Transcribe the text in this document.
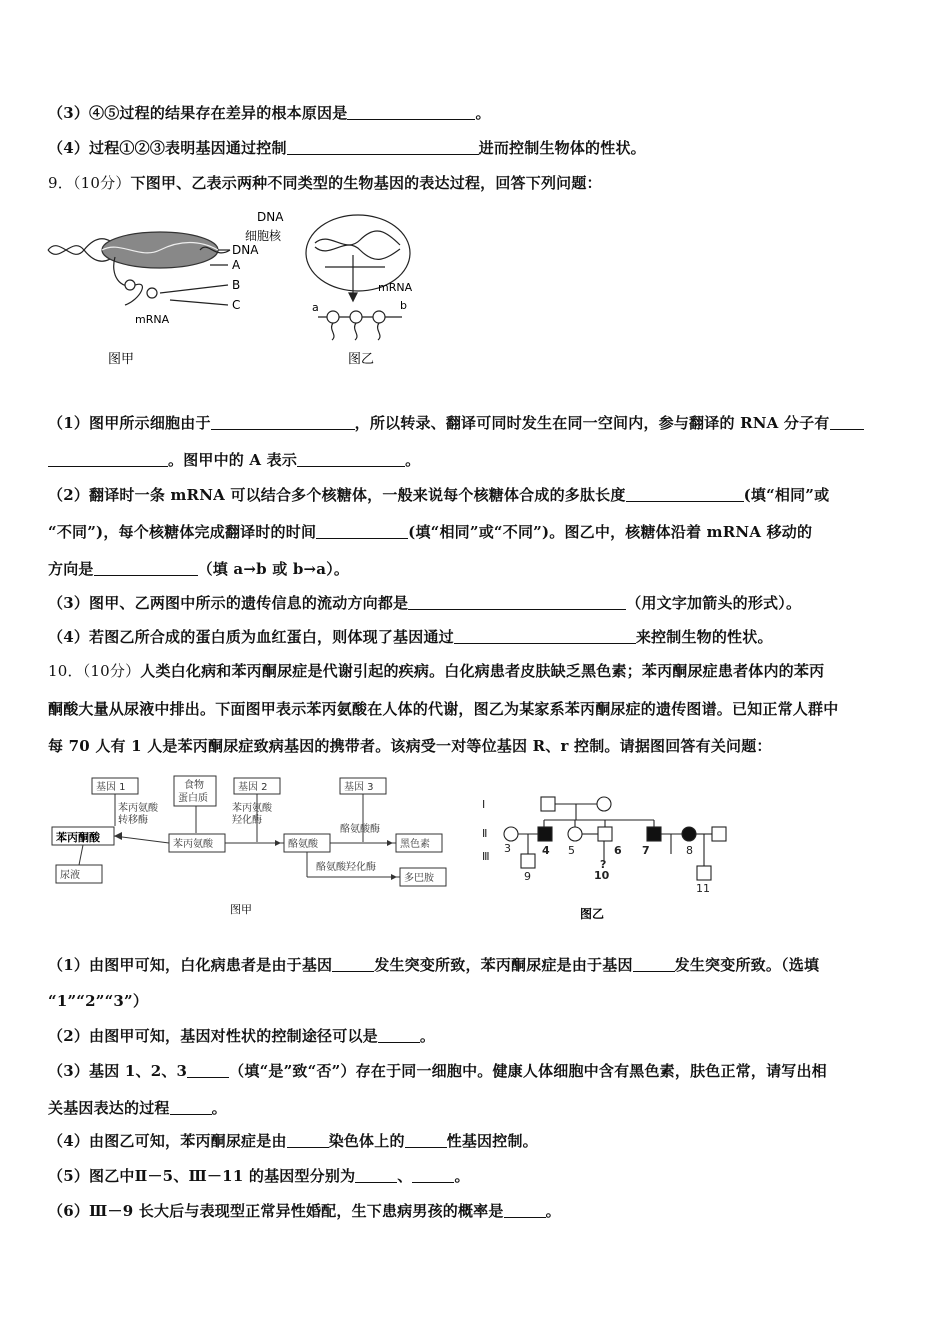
（3）④⑤过程的结果存在差异的根本原因是	。
（4）过程①②③表明基因通过控制	进而控制生物体的性状。
9．（10分）下图甲、乙表示两种不同类型的生物基因的表达过程，回答下列问题：
DNA
A
B
C
mRNA
图甲
DNA
细胞核
mRNA
a	b
图乙
（1）图甲所示细胞由于	，所以转录、翻译可同时发生在同一空间内，参与翻译的 RNA 分子有
。图甲中的 A 表示	。
（2）翻译时一条 mRNA 可以结合多个核糖体，一般来说每个核糖体合成的多肽长度	(填“相同”或
“不同”)，每个核糖体完成翻译时的时间	(填“相同”或“不同”)。图乙中，核糖体沿着 mRNA 移动的
方向是	（填 a→b 或 b→a）。
（3）图甲、乙两图中所示的遗传信息的流动方向都是	（用文字加箭头的形式）。
（4）若图乙所合成的蛋白质为血红蛋白，则体现了基因通过	来控制生物的性状。
10．（10分）人类白化病和苯丙酮尿症是代谢引起的疾病。白化病患者皮肤缺乏黑色素；苯丙酮尿症患者体内的苯丙
酮酸大量从尿液中排出。下面图甲表示苯丙氨酸在人体的代谢，图乙为某家系苯丙酮尿症的遗传图谱。已知正常人群中
每 70 人有 1 人是苯丙酮尿症致病基因的携带者。该病受一对等位基因 R、r 控制。请据图回答有关问题：
基因 1	食物
蛋白质
基因 2	基因 3
苯丙氨酸
转移酶
苯丙氨酸
羟化酶
酪氨酸酶
酪氨酸羟化酶
苯丙氨酸	酪氨酸	黑色素
多巴胺
尿液
苯丙酮酸
图甲
Ⅰ
Ⅱ
Ⅲ
3	4 5	6 7	8
9
?
10
11
图乙
（1）由图甲可知，白化病患者是由于基因	发生突变所致，苯丙酮尿症是由于基因	发生突变所致。（选填
“1”“2”“3”）
（2）由图甲可知，基因对性状的控制途径可以是	。
（3）基因 1、2、3	（填“是”致“否”）存在于同一细胞中。健康人体细胞中含有黑色素，肤色正常，请写出相
关基因表达的过程	。
（4）由图乙可知，苯丙酮尿症是由	染色体上的	性基因控制。
（5）图乙中Ⅱ－5、Ⅲ－11 的基因型分别为	、	。
（6）Ⅲ－9 长大后与表现型正常异性婚配，生下患病男孩的概率是	。
